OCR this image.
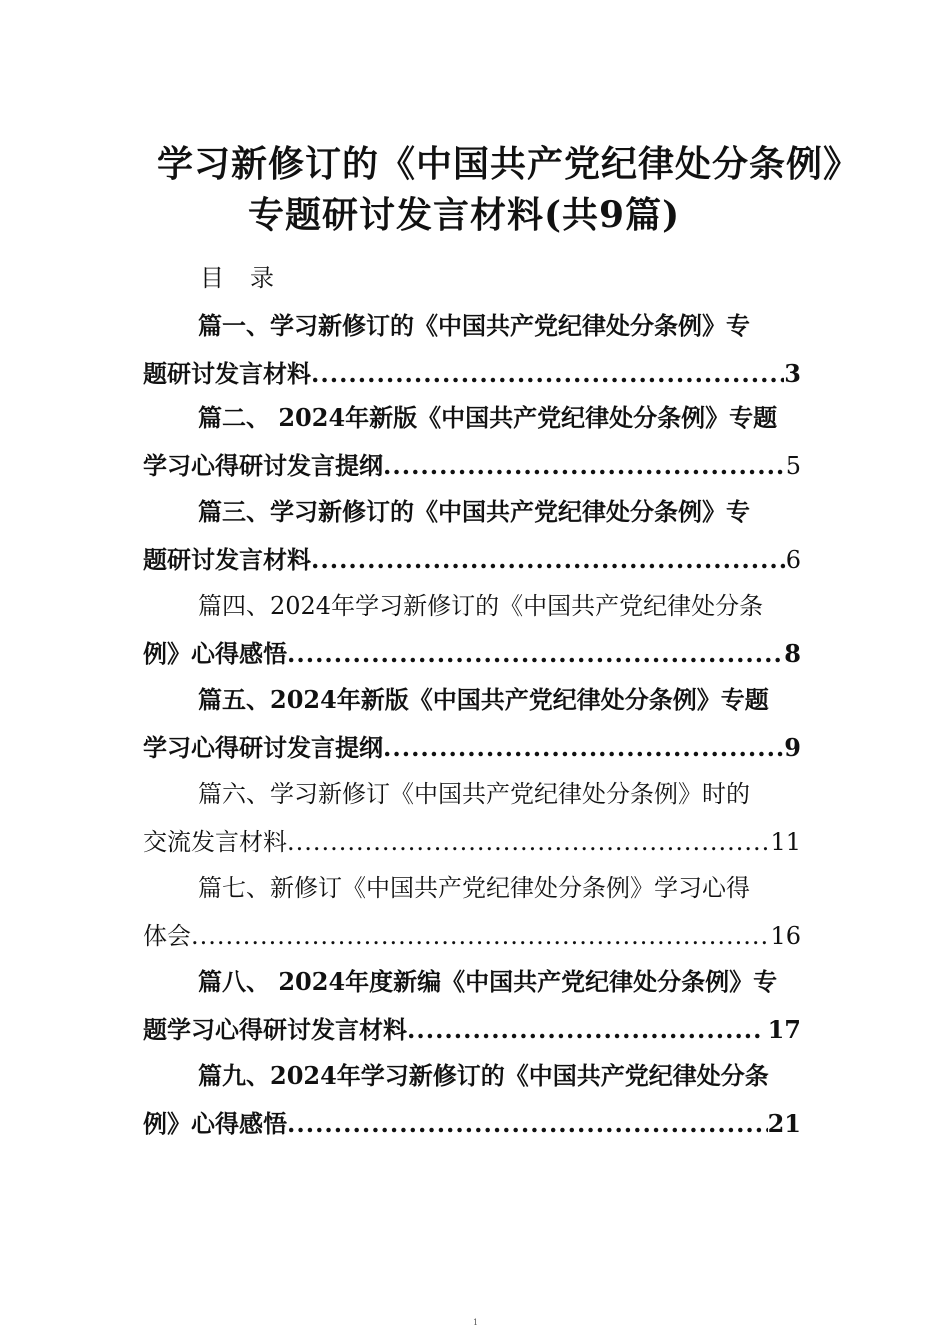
学习新修订的《中国共产党纪律处分条例》
专题研讨发言材料(共9篇)
目录
篇一、学习新修订的《中国共产党纪律处分条例》专
题研讨发言材料 .....	3
篇二、 2024年新版《中国共产党纪律处分条例》专题
学习心得研讨发言提纲 .....	5
篇三、学习新修订的《中国共产党纪律处分条例》专
题研讨发言材料 .....	6
篇四、2024年学习新修订的《中国共产党纪律处分条
例》心得感悟 .....	8
篇五、2024年新版《中国共产党纪律处分条例》专题
学习心得研讨发言提纲 .....	9
篇六、学习新修订《中国共产党纪律处分条例》时的
交流发言材料 .....	11
篇七、新修订《中国共产党纪律处分条例》学习心得
体会 .....	16
篇八、 2024年度新编《中国共产党纪律处分条例》专
题学习心得研讨发言材料 .....	17
篇九、2024年学习新修订的《中国共产党纪律处分条
例》心得感悟 .....	21
1
